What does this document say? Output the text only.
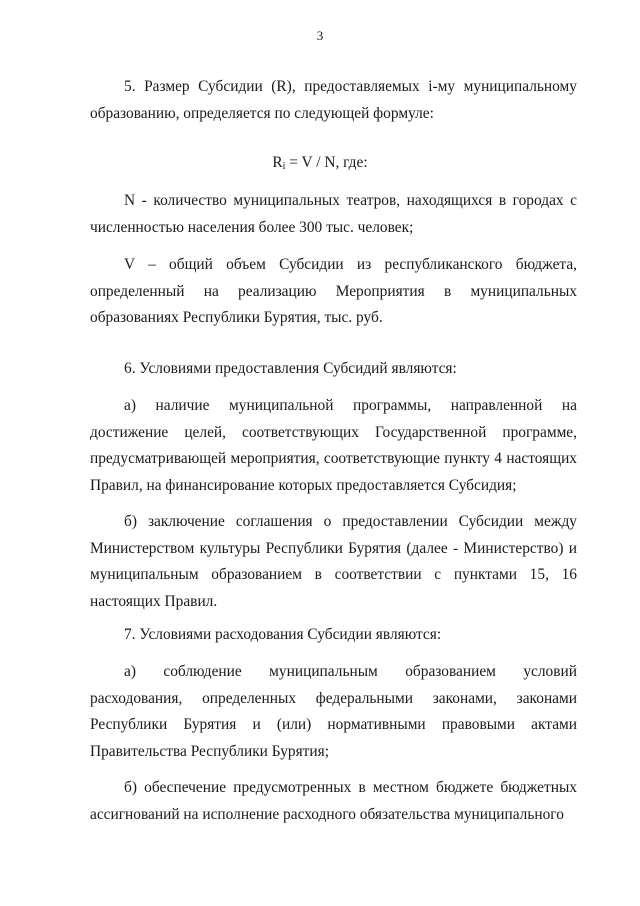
3

5. Размер Субсидии (R), предоставляемых i-му муниципальному образованию, определяется по следующей формуле:

$R_i = V / N$, где:

N - количество муниципальных театров, находящихся в городах с численностью населения более 300 тыс. человек;

V – общий объем Субсидии из республиканского бюджета, определенный на реализацию Мероприятия в муниципальных образованиях Республики Бурятия, тыс. руб.

6. Условиями предоставления Субсидий являются:

а) наличие муниципальной программы, направленной на достижение целей, соответствующих Государственной программе, предусматривающей мероприятия, соответствующие пункту 4 настоящих Правил, на финансирование которых предоставляется Субсидия;

б) заключение соглашения о предоставлении Субсидии между Министерством культуры Республики Бурятия (далее - Министерство) и муниципальным образованием в соответствии с пунктами 15, 16 настоящих Правил.

7. Условиями расходования Субсидии являются:

а) соблюдение муниципальным образованием условий расходования, определенных федеральными законами, законами Республики Бурятия и (или) нормативными правовыми актами Правительства Республики Бурятия;

б) обеспечение предусмотренных в местном бюджете бюджетных ассигнований на исполнение расходного обязательства муниципального
